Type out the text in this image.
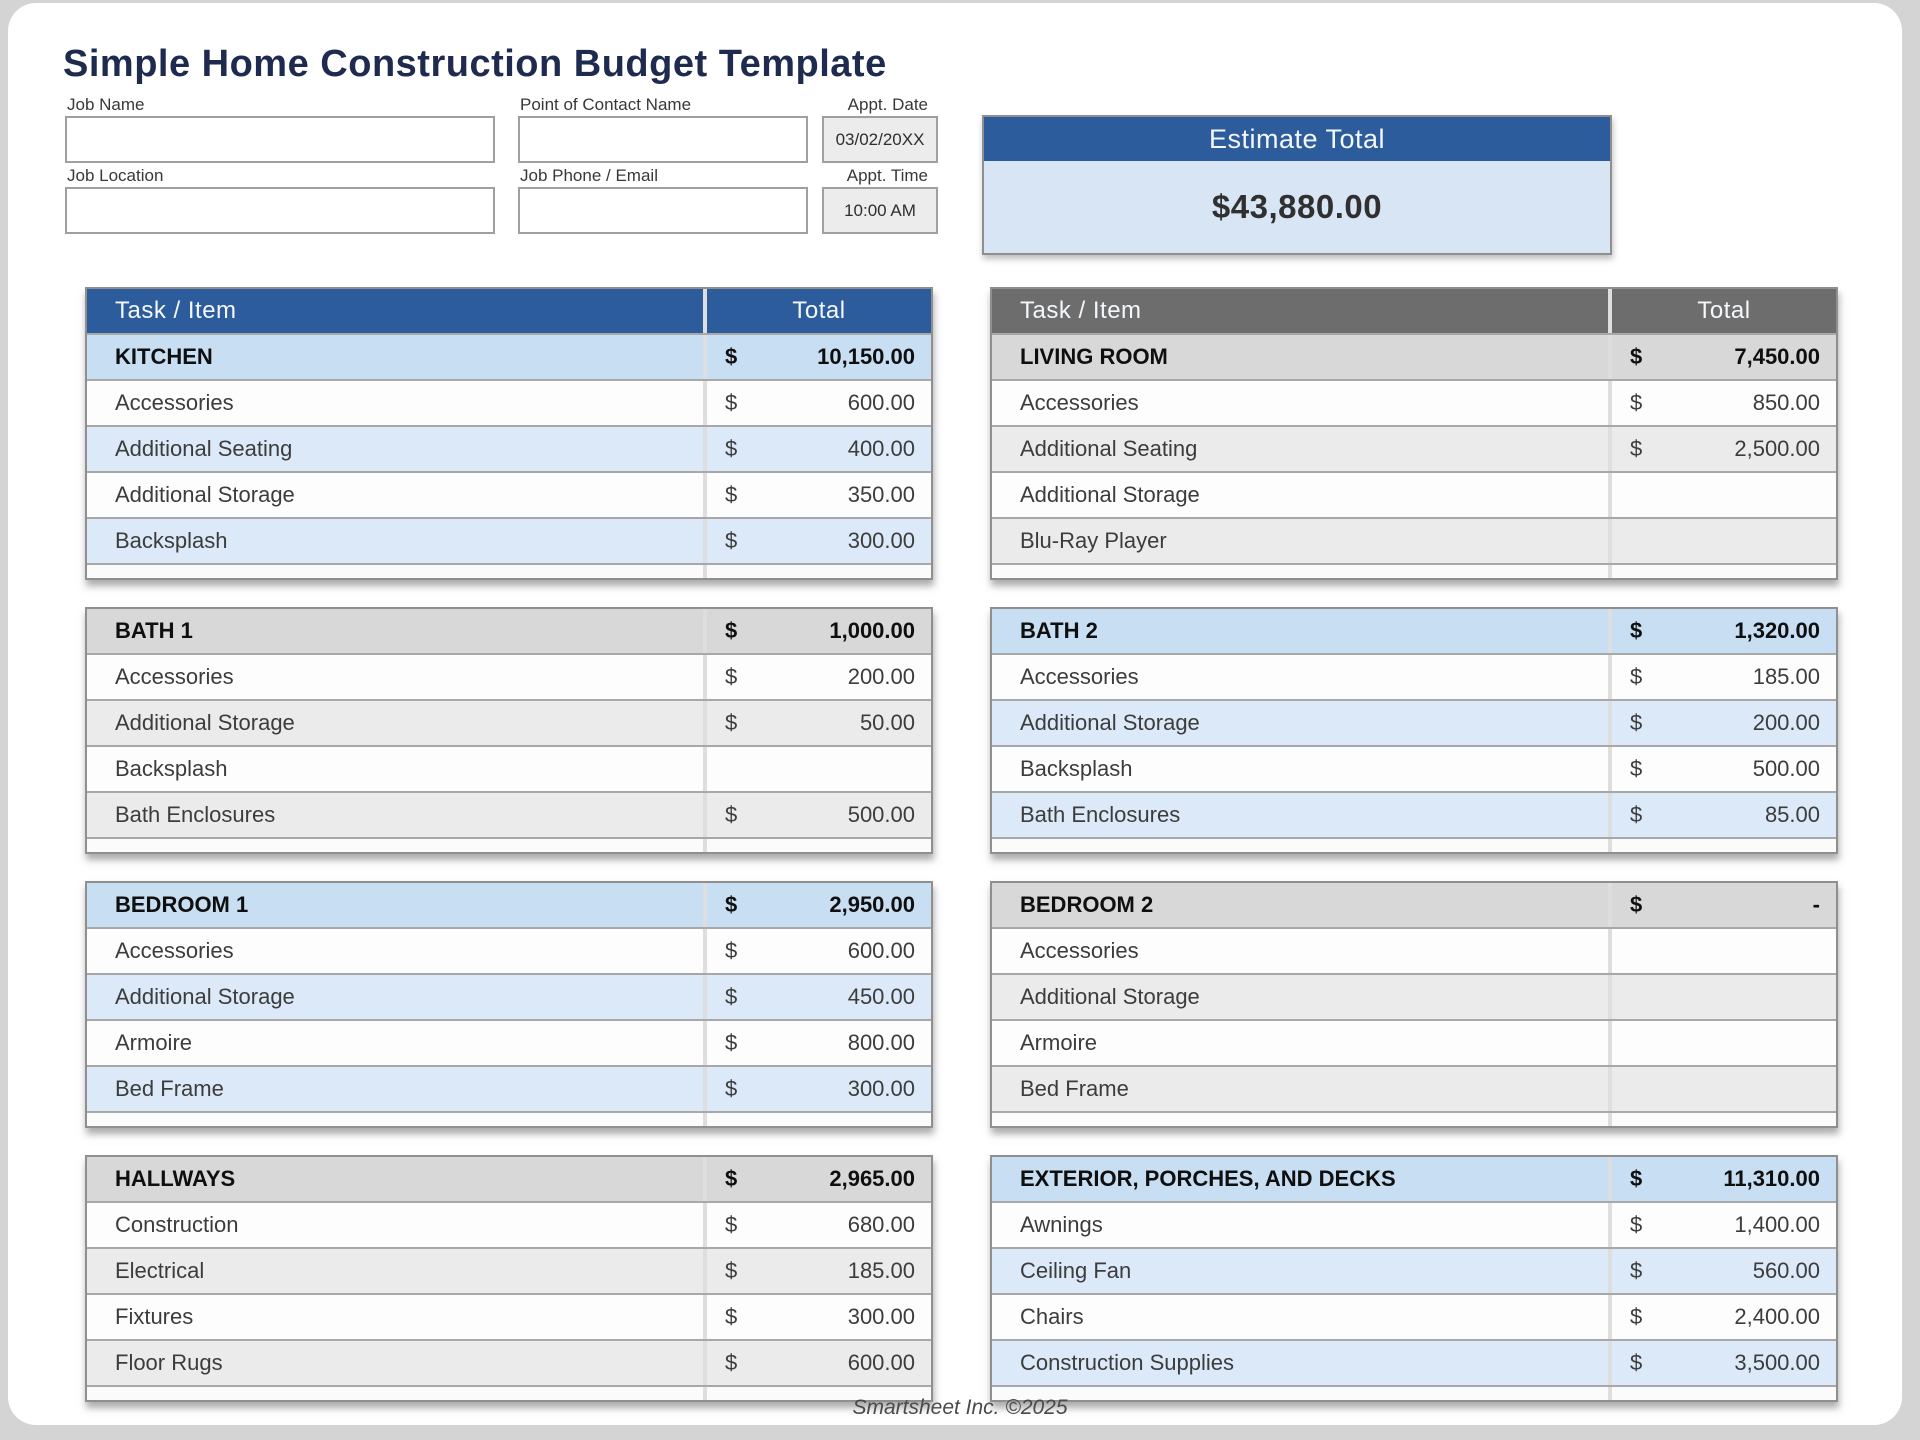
Simple Home Construction Budget Template
Job Name
Job Location
Point of Contact Name
Job Phone / Email
Appt. Date
03/02/20XX
Appt. Time
10:00 AM
Estimate Total
$43,880.00
Task / Item	Total
KITCHEN	$	10,150.00
Accessories	$	600.00
Additional Seating	$	400.00
Additional Storage	$	350.00
Backsplash	$	300.00
Task / Item	Total
LIVING ROOM	$	7,450.00
Accessories	$	850.00
Additional Seating	$	2,500.00
Additional Storage
Blu-Ray Player
BATH 1	$	1,000.00
Accessories	$	200.00
Additional Storage	$	50.00
Backsplash
Bath Enclosures	$	500.00
BATH 2	$	1,320.00
Accessories	$	185.00
Additional Storage	$	200.00
Backsplash	$	500.00
Bath Enclosures	$	85.00
BEDROOM 1	$	2,950.00
Accessories	$	600.00
Additional Storage	$	450.00
Armoire	$	800.00
Bed Frame	$	300.00
BEDROOM 2	$	-
Accessories
Additional Storage
Armoire
Bed Frame
HALLWAYS	$	2,965.00
Construction	$	680.00
Electrical	$	185.00
Fixtures	$	300.00
Floor Rugs	$	600.00
EXTERIOR, PORCHES, AND DECKS	$	11,310.00
Awnings	$	1,400.00
Ceiling Fan	$	560.00
Chairs	$	2,400.00
Construction Supplies	$	3,500.00
Smartsheet Inc. ©2025
